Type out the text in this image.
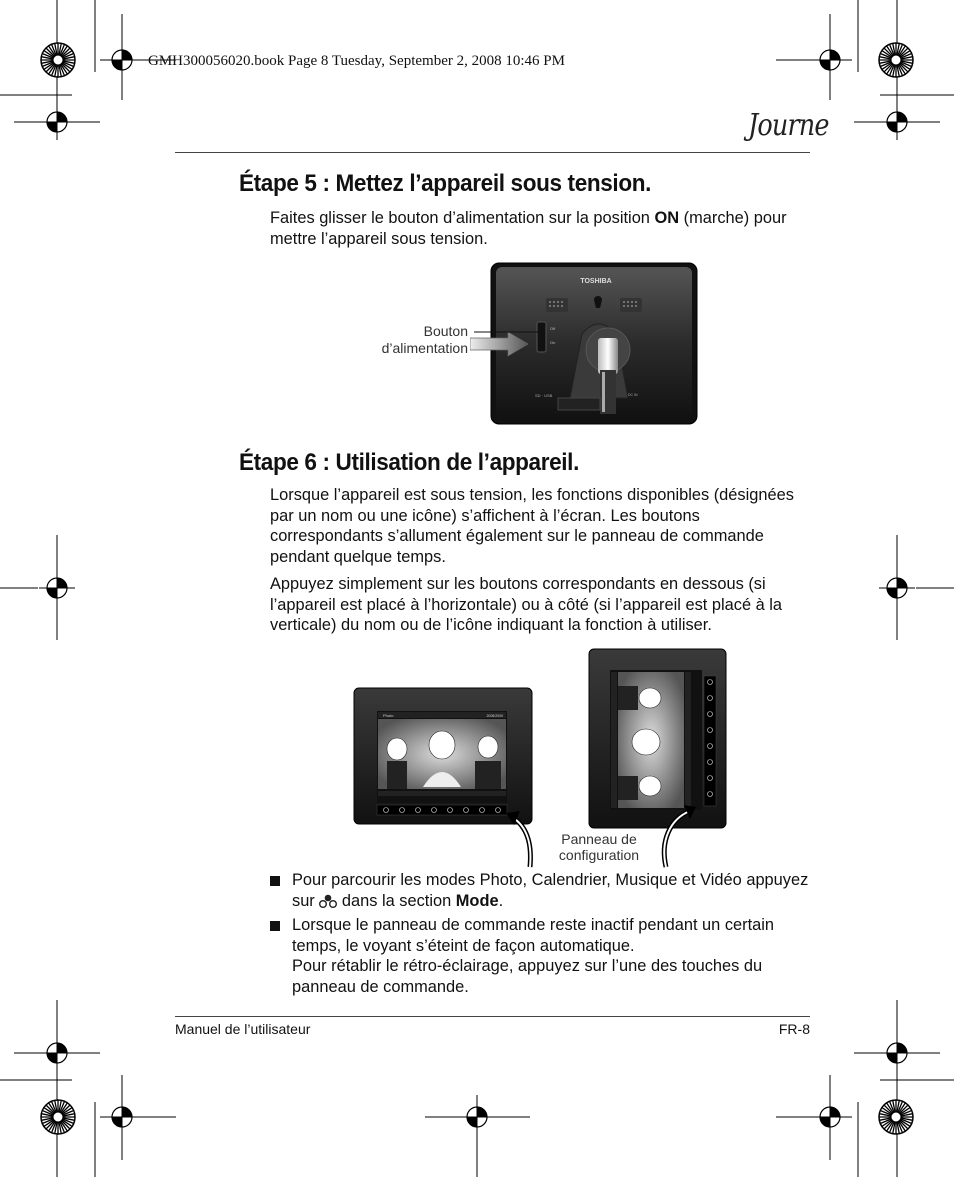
GMH300056020.book Page 8 Tuesday, September 2, 2008 10:46 PM
Journe
Étape 5 : Mettez l’appareil sous tension.

Faites glisser le bouton d’alimentation sur la position ON (marche) pour mettre l’appareil sous tension.

TOSHIBA
Off
On
SD · USB	DC IN
Bouton
d’alimentation
Étape 6 : Utilisation de l’appareil.

Lorsque l’appareil est sous tension, les fonctions disponibles (désignées par un nom ou une icône) s’affichent à l’écran. Les boutons correspondants s’allument également sur le panneau de commande pendant quelque temps.

Appuyez simplement sur les boutons correspondants en dessous (si l’appareil est placé à l’horizontale) ou à côté (si l’appareil est placé à la verticale) du nom ou de l’icône indiquant la fonction à utiliser.

Photo	2008/2009
Panneau de
configuration
Pour parcourir les modes Photo, Calendrier, Musique et Vidéo appuyez sur
dans la section Mode.
Lorsque le panneau de commande reste inactif pendant un certain temps, le voyant s’éteint de façon automatique.
Pour rétablir le rétro-éclairage, appuyez sur l’une des touches du panneau de commande.
Manuel de l’utilisateur	FR-8
